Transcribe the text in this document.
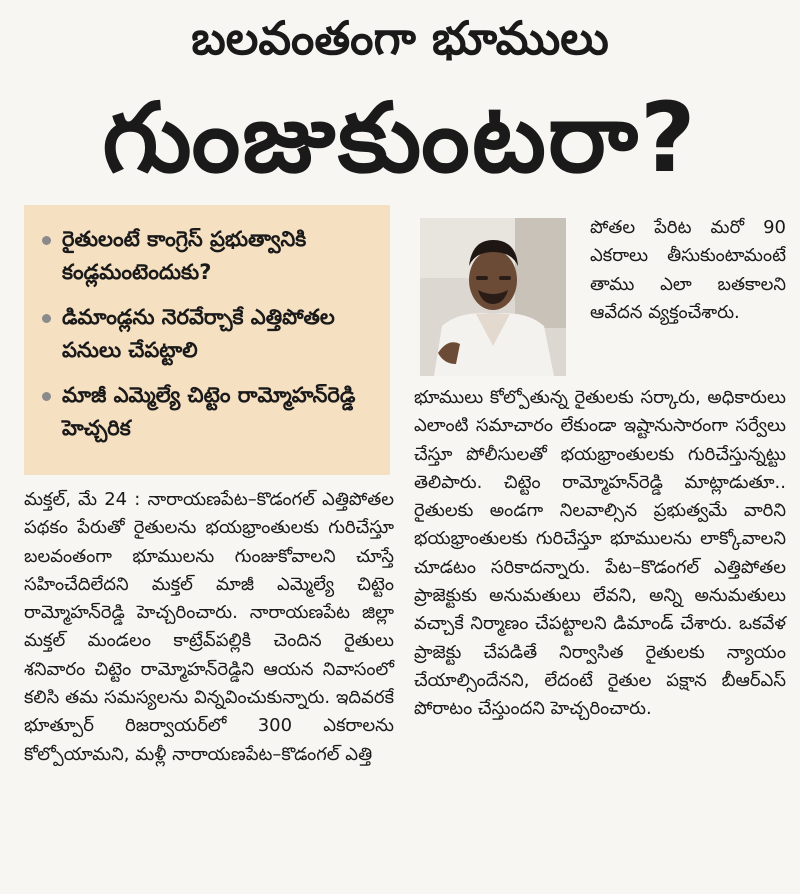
బలవంతంగా భూములు
గుంజుకుంటరా?
రైతులంటే కాంగ్రెస్ ప్రభుత్వానికి కండ్లమంటెందుకు?
డిమాండ్లను నెరవేర్చాకే ఎత్తిపోతల పనులు చేపట్టాలి
మాజీ ఎమ్మెల్యే చిట్టెం రామ్మోహన్‌రెడ్డి హెచ్చరిక

మక్తల్, మే 24 : నారాయణపేట–కొడంగల్ ఎత్తిపోతల పథకం పేరుతో రైతులను భయభ్రాంతులకు గురిచేస్తూ బలవంతంగా భూములను గుంజుకోవాలని చూస్తే సహించేదిలేదని మక్తల్ మాజీ ఎమ్మెల్యే చిట్టెం రామ్మోహన్‌రెడ్డి హెచ్చరించారు. నారాయణపేట జిల్లా మక్తల్ మండలం కాట్రేవ్‌పల్లికి చెందిన రైతులు శనివారం చిట్టెం రామ్మోహన్‌రెడ్డిని ఆయన నివాసంలో కలిసి తమ సమస్యలను విన్నవించుకున్నారు. ఇదివరకే భూత్పూర్ రిజర్వాయర్‌లో 300 ఎకరాలను కోల్పోయామని, మళ్లీ నారాయణపేట–కొడంగల్ ఎత్తి

పోతల పేరిట మరో 90 ఎకరాలు తీసుకుంటామంటే తాము ఎలా బతకాలని ఆవేదన వ్యక్తంచేశారు.

భూములు కోల్పోతున్న రైతులకు సర్కారు, అధికారులు ఎలాంటి సమాచారం లేకుండా ఇష్టానుసారంగా సర్వేలు చేస్తూ పోలీసులతో భయభ్రాంతులకు గురిచేస్తున్నట్టు తెలిపారు. చిట్టెం రామ్మోహన్‌రెడ్డి మాట్లాడుతూ.. రైతులకు అండగా నిలవాల్సిన ప్రభుత్వమే వారిని భయభ్రాంతులకు గురిచేస్తూ భూములను లాక్కోవాలని చూడటం సరికాదన్నారు. పేట–కొడంగల్ ఎత్తిపోతల ప్రాజెక్టుకు అనుమతులు లేవని, అన్ని అనుమతులు వచ్చాకే నిర్మాణం చేపట్టాలని డిమాండ్ చేశారు. ఒకవేళ ప్రాజెక్టు చేపడితే నిర్వాసిత రైతులకు న్యాయం చేయాల్సిందేనని, లేదంటే రైతుల పక్షాన బీఆర్ఎస్ పోరాటం చేస్తుందని హెచ్చరించారు.
